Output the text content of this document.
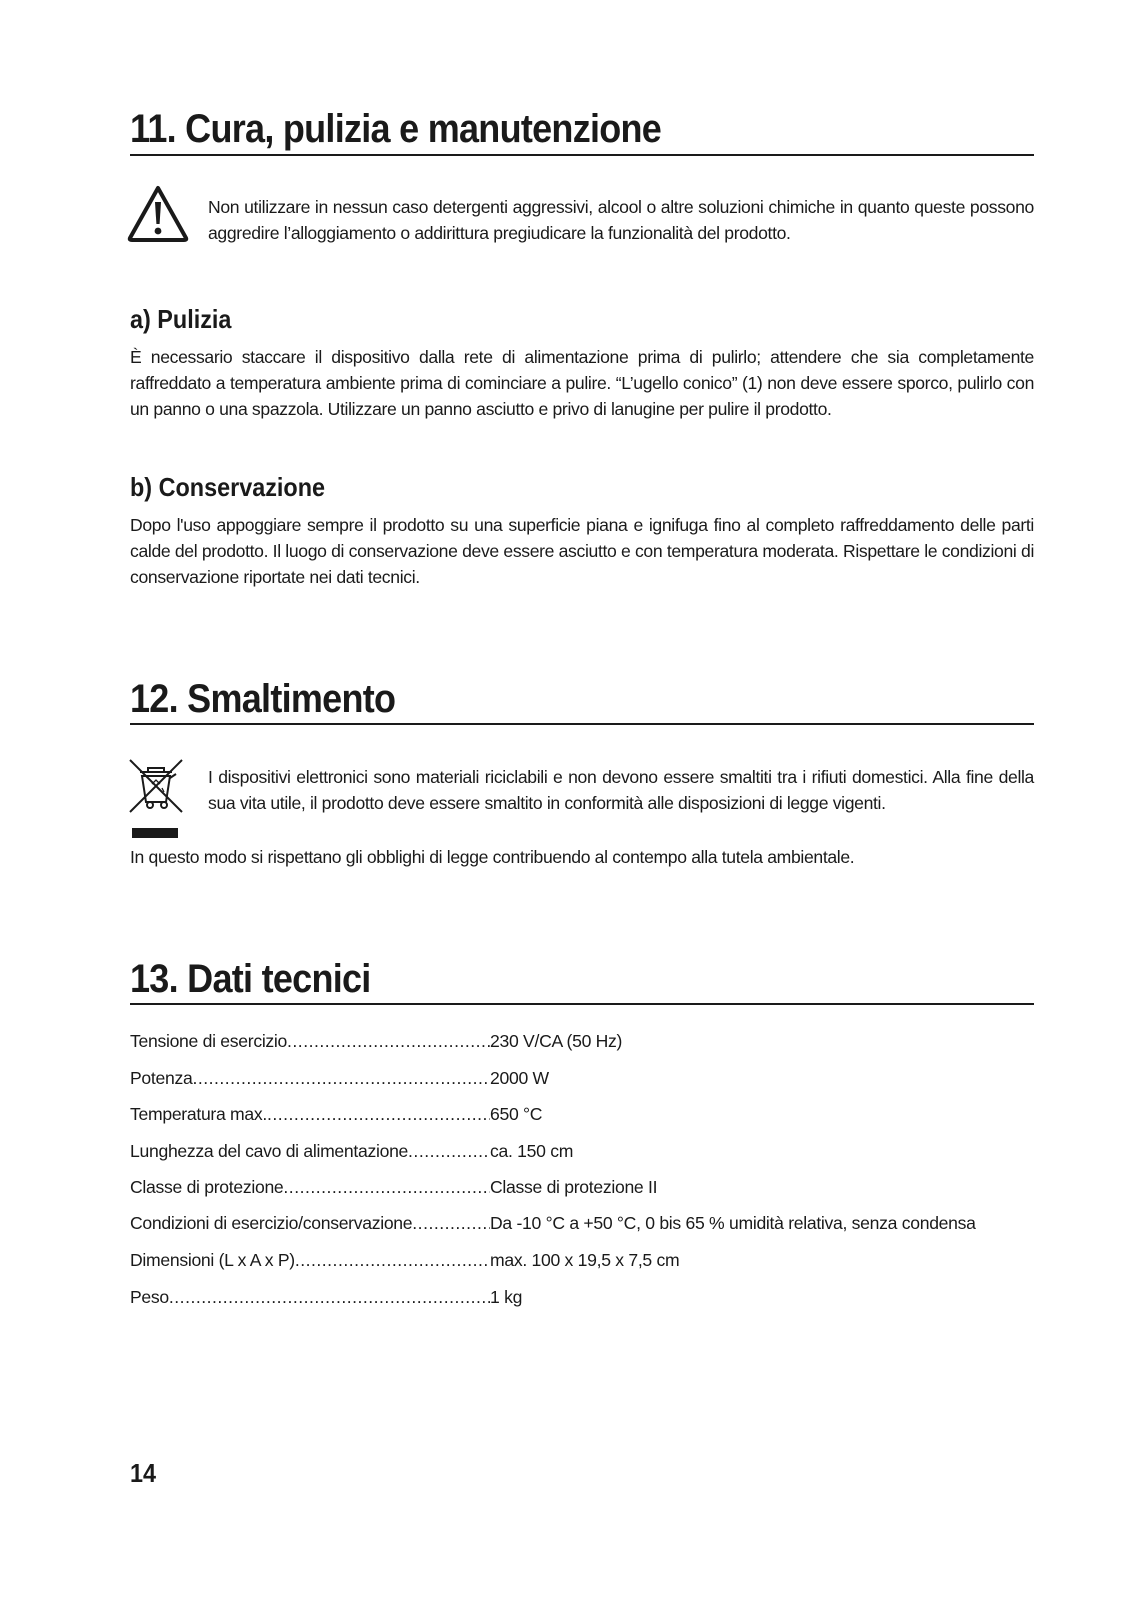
11. Cura, pulizia e manutenzione
Non utilizzare in nessun caso detergenti aggressivi, alcool o altre soluzioni chimiche in quanto queste possono aggredire l’alloggiamento o addirittura pregiudicare la funzionalità del prodotto.
a) Pulizia
È necessario staccare il dispositivo dalla rete di alimentazione prima di pulirlo; attendere che sia completamente raffreddato a temperatura ambiente prima di cominciare a pulire. “L’ugello conico” (1) non deve essere sporco, pulirlo con un panno o una spazzola. Utilizzare un panno asciutto e privo di lanugine per pulire il prodotto.
b) Conservazione
Dopo l'uso appoggiare sempre il prodotto su una superficie piana e ignifuga fino al completo raffreddamento delle parti calde del prodotto. Il luogo di conservazione deve essere asciutto e con temperatura moderata. Rispettare le condizioni di conservazione riportate nei dati tecnici.
12. Smaltimento
I dispositivi elettronici sono materiali riciclabili e non devono essere smaltiti tra i rifiuti domestici. Alla fine della sua vita utile, il prodotto deve essere smaltito in conformità alle disposizioni di legge vigenti.
In questo modo si rispettano gli obblighi di legge contribuendo al contempo alla tutela ambientale.
13. Dati tecnici
Tensione di esercizio .....	230 V/CA (50 Hz)
Potenza .....	2000 W
Temperatura max. .....	650 °C
Lunghezza del cavo di alimentazione .....	ca. 150 cm
Classe di protezione .....	Classe di protezione II
Condizioni di esercizio/conservazione .....	Da -10 °C a +50 °C, 0 bis 65 % umidità relativa, senza condensa
Dimensioni (L x A x P) .....	max. 100 x 19,5 x 7,5 cm
Peso .....	1 kg
14
